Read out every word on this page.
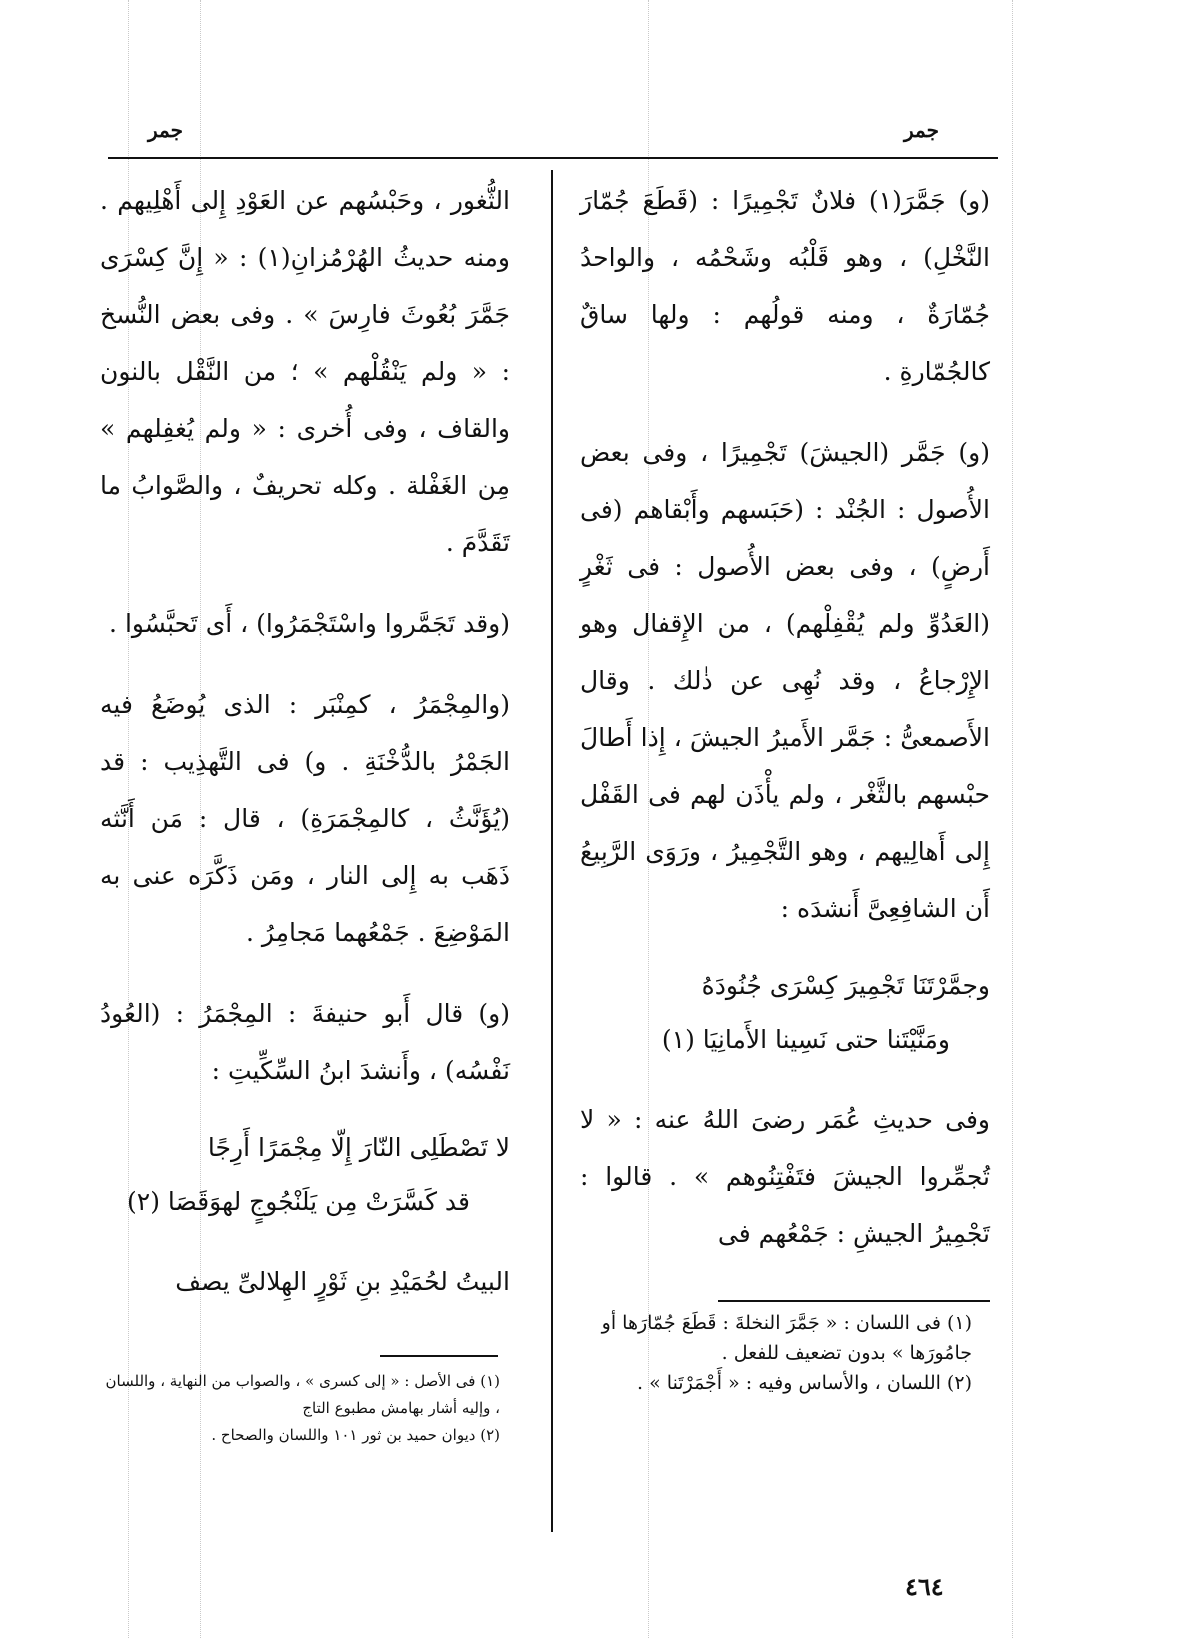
جمر	جمر

(و) جَمَّرَ(١) فلانٌ تَجْمِيرًا : (قَطَعَ جُمّارَ النَّخْلِ) ، وهو قَلْبُه وشَحْمُه ، والواحدُ جُمّارَةٌ ، ومنه قولُهم : ولها ساقٌ كالجُمّارةِ .

(و) جَمَّر (الجيشَ) تَجْمِيرًا ، وفى بعض الأُصول : الجُنْد : (حَبَسهم وأَبْقاهم (فى أَرضٍ) ، وفى بعض الأُصول : فى ثَغْرٍ (العَدُوِّ ولم يُقْفِلْهم) ، من الإِقفال وهو الإِرْجاعُ ، وقد نُهِى عن ذٰلك . وقال الأَصمعىُّ : جَمَّر الأَميرُ الجيشَ ، إِذا أَطالَ حبْسهم بالثَّغْر ، ولم يأْذَن لهم فى القَفْل إِلى أَهالِيهم ، وهو التَّجْمِيرُ ، ورَوَى الرَّبِيعُ أَن الشافِعِىَّ أَنشدَه :

وجمَّرْتَنَا تَجْمِيرَ كِسْرَى جُنُودَهُ
ومَنَّيْتَنا حتى نَسِينا الأَمانِيَا (١)

وفى حديثِ عُمَر رضىَ اللهُ عنه : « لا تُجمِّروا الجيشَ فتَفْتِنُوهم » . قالوا : تَجْمِيرُ الجيشِ : جَمْعُهم فى

(١) فى اللسان : « جَمَّرَ النخلةَ : قَطَعَ جُمّارَها أو جامُورَها » بدون تضعيف للفعل .

(٢) اللسان ، والأساس وفيه : « أَجْمَرْتَنا » .

الثُّغور ، وحَبْسُهم عن العَوْدِ إِلى أَهْلِيهم . ومنه حديثُ الهُرْمُزانِ(١) : « إِنَّ كِسْرَى جَمَّرَ بُعُوثَ فارِسَ » . وفى بعض النُّسخ : « ولم يَنْقُلْهم » ؛ من النَّقْل بالنون والقاف ، وفى أُخرى : « ولم يُغفِلهم » مِن الغَفْلة . وكله تحريفٌ ، والصَّوابُ ما تَقَدَّمَ .

(وقد تَجَمَّروا واسْتَجْمَرُوا) ، أَى تَحبَّسُوا .

(والمِجْمَرُ ، كمِنْبَر : الذى يُوضَعُ فيه الجَمْرُ بالدُّخْنَةِ . و) فى التَّهذِيب : قد (يُؤَنَّثُ ، كالمِجْمَرَةِ) ، قال : مَن أَنَّثه ذَهَب به إِلى النار ، ومَن ذَكَّرَه عنى به المَوْضِعَ . جَمْعُهما مَجامِرُ .

(و) قال أَبو حنيفةَ : المِجْمَرُ : (العُودُ نَفْسُه) ، وأَنشدَ ابنُ السِّكِّيتِ :

لا تَصْطَلِى النّارَ إِلّا مِجْمَرًا أَرِجًا
قد كَسَّرَتْ مِن يَلَنْجُوجٍ لهوَقَصَا (٢)

البيتُ لحُمَيْدِ بنِ ثَوْرٍ الهِلالىِّ يصف

(١) فى الأصل : « إلى كسرى » ، والصواب من النهاية ، واللسان ، وإليه أشار بهامش مطبوع التاج

(٢) ديوان حميد بن ثور ١٠١ واللسان والصحاح .

٤٦٤
